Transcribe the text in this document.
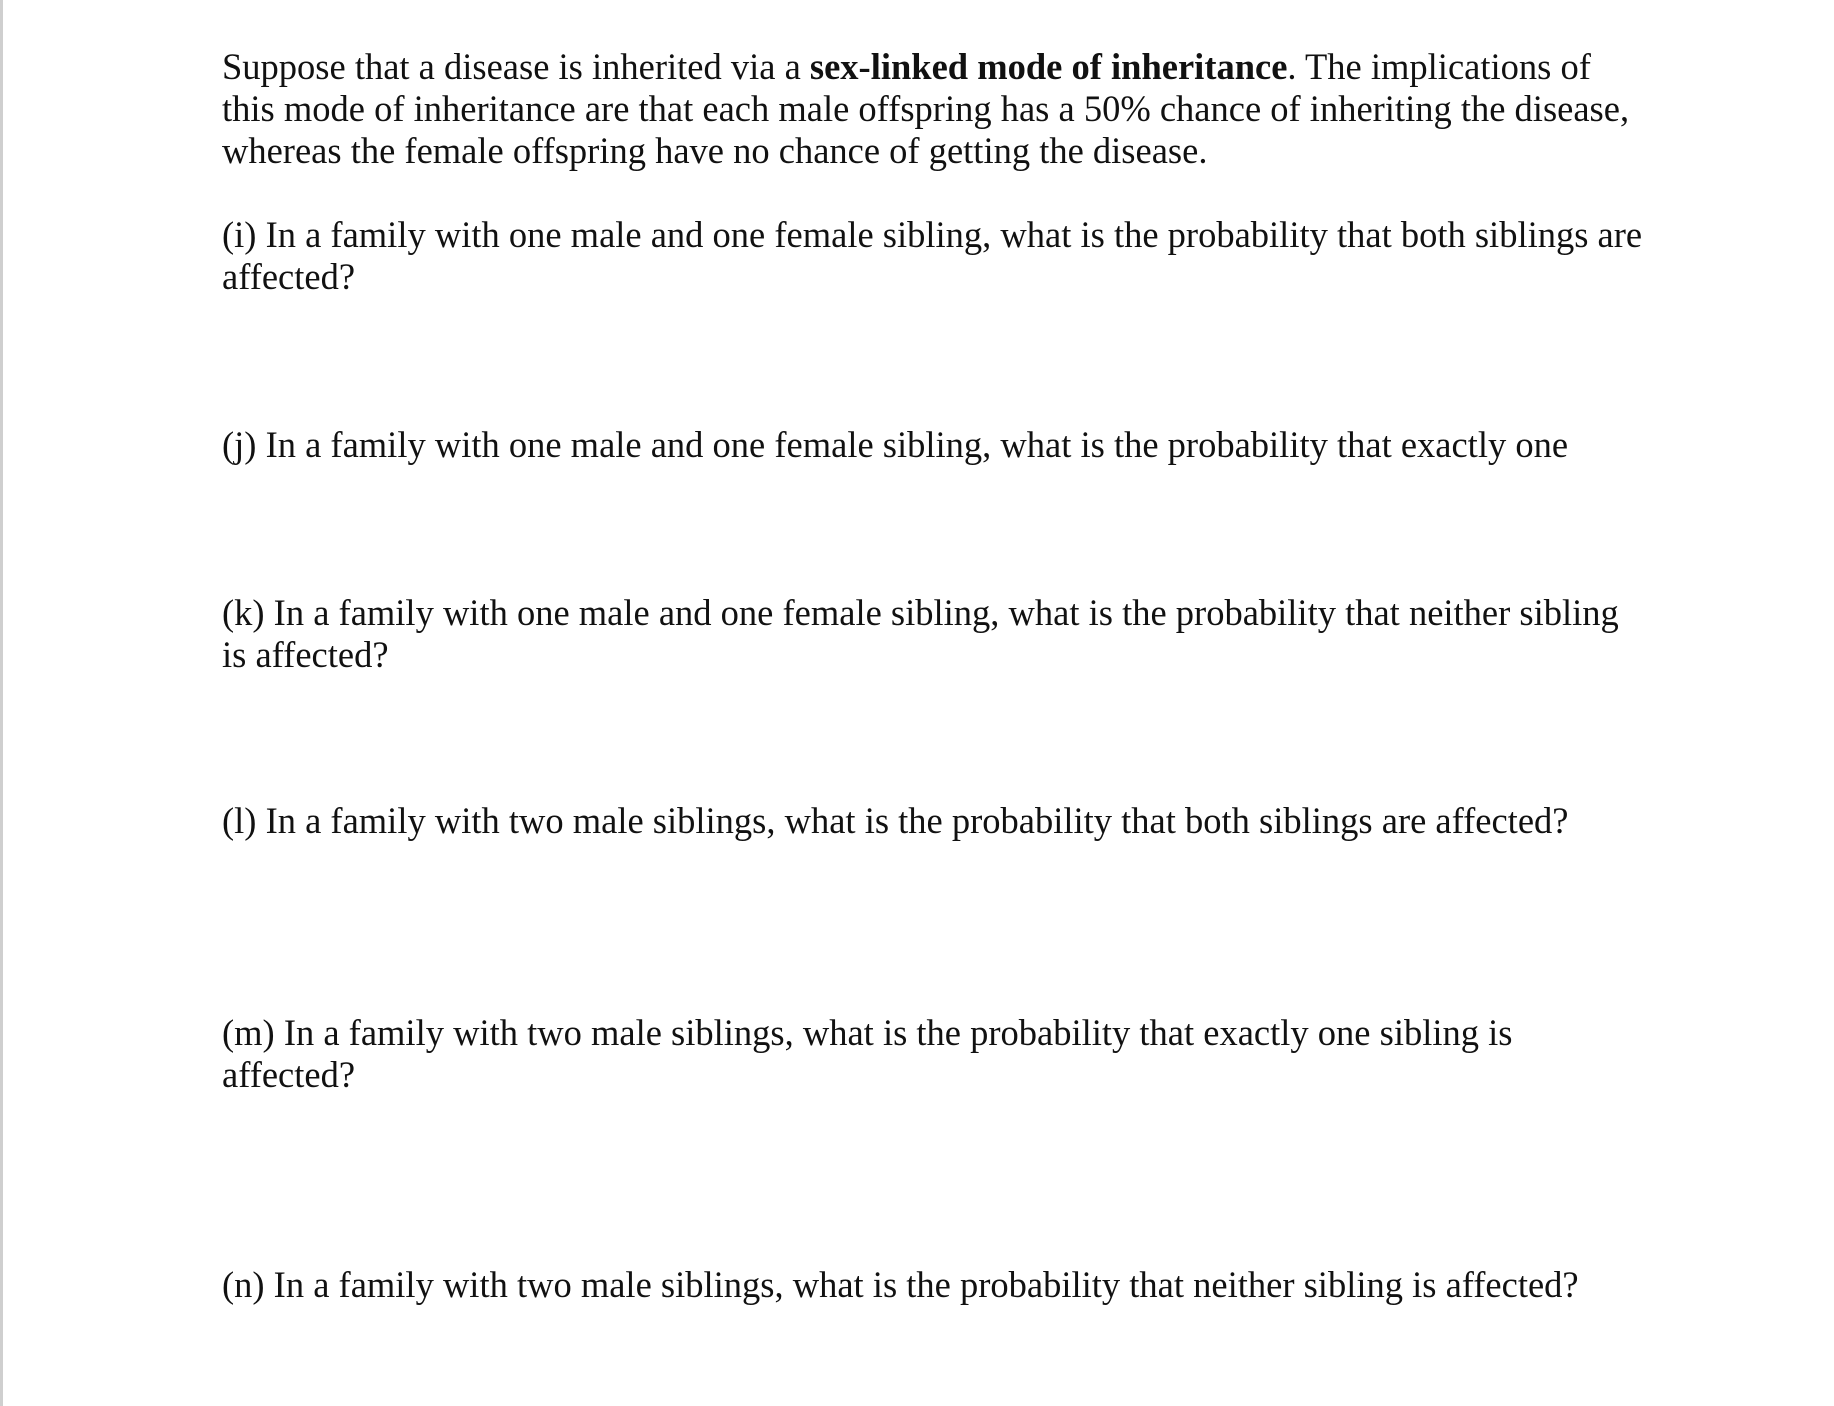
Suppose that a disease is inherited via a sex-linked mode of inheritance. The implications of
this mode of inheritance are that each male offspring has a 50% chance of inheriting the disease,
whereas the female offspring have no chance of getting the disease.

(i) In a family with one male and one female sibling, what is the probability that both siblings are
affected?

(j) In a family with one male and one female sibling, what is the probability that exactly one

(k) In a family with one male and one female sibling, what is the probability that neither sibling
is affected?

(l) In a family with two male siblings, what is the probability that both siblings are affected?

(m) In a family with two male siblings, what is the probability that exactly one sibling is
affected?

(n) In a family with two male siblings, what is the probability that neither sibling is affected?
